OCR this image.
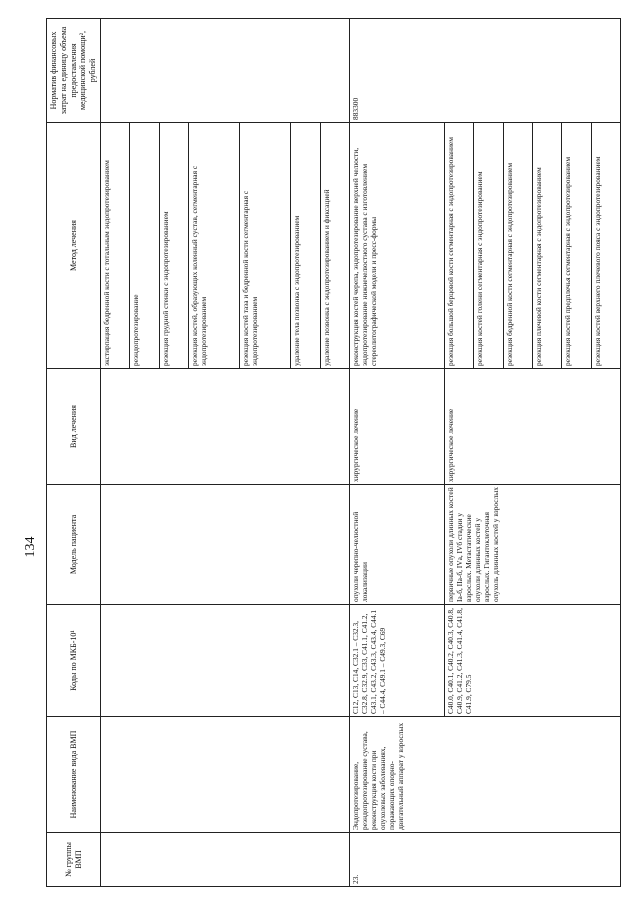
134
№ группы ВМП	Наименование вида ВМП	Коды по МКБ-10¹	Модель пациента	Вид лечения	Метод лечения	Норматив финансовых затрат на единицу объема предоставления медицинской помощи², рублей
					экстирпация бедренной кости с тотальным эндопротезированием	
					реэндопротезирование	
					резекция грудной стенки с эндопротезированием	
					резекция костей, образующих коленный сустав, сегментарная с эндопротезированием	
					резекция костей таза и бедренной кости сегментарная с эндопротезированием	
					удаление тела позвонка с эндопротезированием	
					удаление позвонка с эндопротезированием и фиксацией	
23.	Эндопротезирование, реэндопротезирование сустава, реконструкция кости при опухолевых заболеваниях, поражающих опорно-двигательный аппарат у взрослых	C12, C13, C14, C32.1 – C32.3, C32.8, C32.9, C33, C41.1, C41.2, C43.1, C43.2, C43.3, C43.4, C44.1 – C44.4, C49.1 – C49.3, C69	опухоли черепно-челюстной локализации	хирургическое лечение	реконструкция костей черепа, эндопротезирование верхней челюсти, эндопротезирование нижнечелюстного сустава с изготовлением стереолитографической модели и пресс-формы	883300
		C40.0, C40.1, C40.2, C40.3, C40.8, C40.9, C41.2, C41.3, C41.4, C41.8, C41.9, C79.5	первичные опухоли длинных костей Iа-б, IIа-б, IVа, IVб стадии у взрослых. Метастатические опухоли длинных костей у взрослых. Гигантоклеточная опухоль длинных костей у взрослых	хирургическое лечение	резекция большой берцовой кости сегментарная с эндопротезированием	
					резекция костей голени сегментарная с эндопротезированием	
					резекция бедренной кости сегментарная с эндопротезированием	
					резекция плечевой кости сегментарная с эндопротезированием	
					резекция костей предплечья сегментарная с эндопротезированием	
					резекция костей верхнего плечевого пояса с эндопротезированием	
